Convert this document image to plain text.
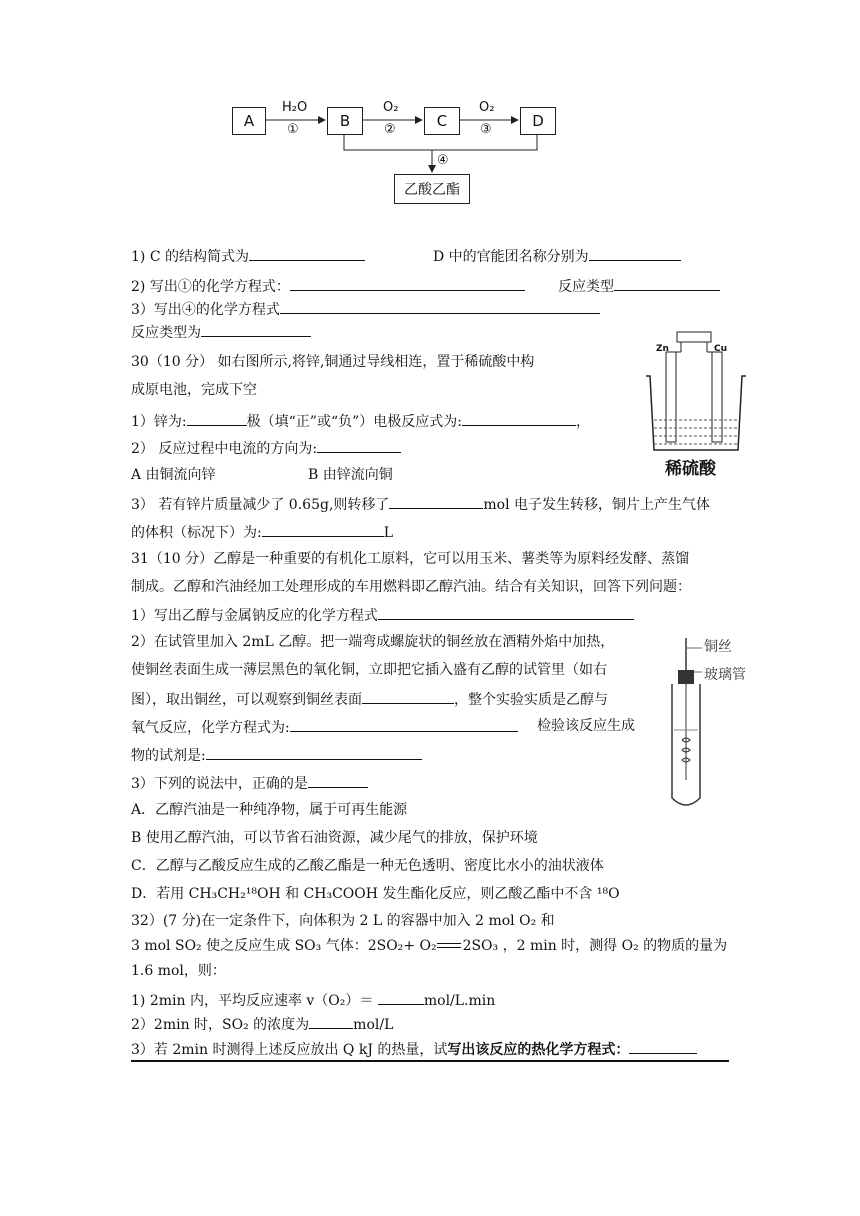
A	B	C	D
乙酸乙酯
H₂O
①
O₂
②
O₂
③
④
1) C 的结构简式为	D 中的官能团名称分别为
2) 写出①的化学方程式：	反应类型
3）写出④的化学方程式
反应类型为
30（10 分） 如右图所示,将锌,铜通过导线相连，置于稀硫酸中构
成原电池，完成下空
1）锌为:	极（填“正”或“负”）电极反应式为:	，
2） 反应过程中电流的方向为:
A 由铜流向锌	B 由锌流向铜
3） 若有锌片质量减少了 0.65g,则转移了	mol 电子发生转移，铜片上产生气体
的体积（标况下）为:	L
Zn	Cu
稀硫酸
31（10 分）乙醇是一种重要的有机化工原料，它可以用玉米、薯类等为原料经发酵、蒸馏
制成。乙醇和汽油经加工处理形成的车用燃料即乙醇汽油。结合有关知识，回答下列问题：
1）写出乙醇与金属钠反应的化学方程式
2）在试管里加入 2mL 乙醇。把一端弯成螺旋状的铜丝放在酒精外焰中加热，
使铜丝表面生成一薄层黑色的氧化铜，立即把它插入盛有乙醇的试管里（如右
图），取出铜丝，可以观察到铜丝表面	，整个实验实质是乙醇与
氧气反应，化学方程式为:	检验该反应生成
物的试剂是:
3）下列的说法中，正确的是
A．乙醇汽油是一种纯净物，属于可再生能源
B 使用乙醇汽油，可以节省石油资源，减少尾气的排放，保护环境
C．乙醇与乙酸反应生成的乙酸乙酯是一种无色透明、密度比水小的油状液体
D．若用 CH₃CH₂¹⁸OH 和 CH₃COOH 发生酯化反应，则乙酸乙酯中不含 ¹⁸O
铜丝
玻璃管
32）(7 分)在一定条件下，向体积为 2 L 的容器中加入 2 mol O₂ 和
3 mol SO₂ 使之反应生成 SO₃ 气体：2SO₂+ O₂ 2SO₃ ，2 min 时，测得 O₂ 的物质的量为
1.6 mol，则：
1) 2min 内，平均反应速率 v（O₂）＝	mol/L.min
2）2min 时，SO₂ 的浓度为	mol/L
3）若 2min 时测得上述反应放出 Q kJ 的热量，试写出该反应的热化学方程式：
